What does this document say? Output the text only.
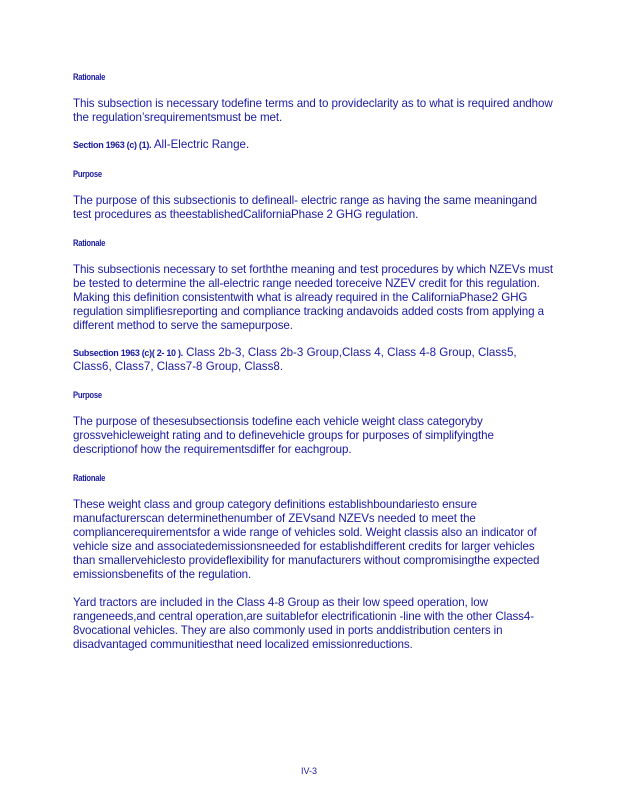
Rationale

This subsection is necessary todefine terms and to provideclarity as to what is required andhow the regulation’srequirementsmust be met.

Section 1963 (c) (1). All-Electric Range.

Purpose

The purpose of this subsectionis to defineall- electric range as having the same meaningand test procedures as theestablishedCaliforniaPhase 2 GHG regulation.

Rationale

This subsectionis necessary to set forththe meaning and test procedures by which NZEVs must be tested to determine the all-electric range needed toreceive NZEV credit for this regulation. Making this definition consistentwith what is already required in the CaliforniaPhase2 GHG regulation simplifiesreporting and compliance tracking andavoids added costs from applying a different method to serve the samepurpose.

Subsection 1963 (c)( 2- 10 ). Class 2b-3, Class 2b-3 Group,Class 4, Class 4-8 Group, Class5, Class6, Class7, Class7-8 Group, Class8.

Purpose

The purpose of thesesubsectionsis todefine each vehicle weight class categoryby grossvehicleweight rating and to definevehicle groups for purposes of simplifyingthe descriptionof how the requirementsdiffer for eachgroup.

Rationale

These weight class and group category definitions establishboundariesto ensure manufacturerscan determinethenumber of ZEVsand NZEVs needed to meet the compliancerequirementsfor a wide range of vehicles sold. Weight classis also an indicator of vehicle size and associatedemissionsneeded for establishdifferent credits for larger vehicles than smallervehiclesto provideflexibility for manufacturers without compromisingthe expected emissionsbenefits of the regulation.

Yard tractors are included in the Class 4-8 Group as their low speed operation, low rangeneeds,and central operation,are suitablefor electrificationin -line with the other Class4-8vocational vehicles. They are also commonly used in ports anddistribution centers in disadvantaged communitiesthat need localized emissionreductions.

IV-3
